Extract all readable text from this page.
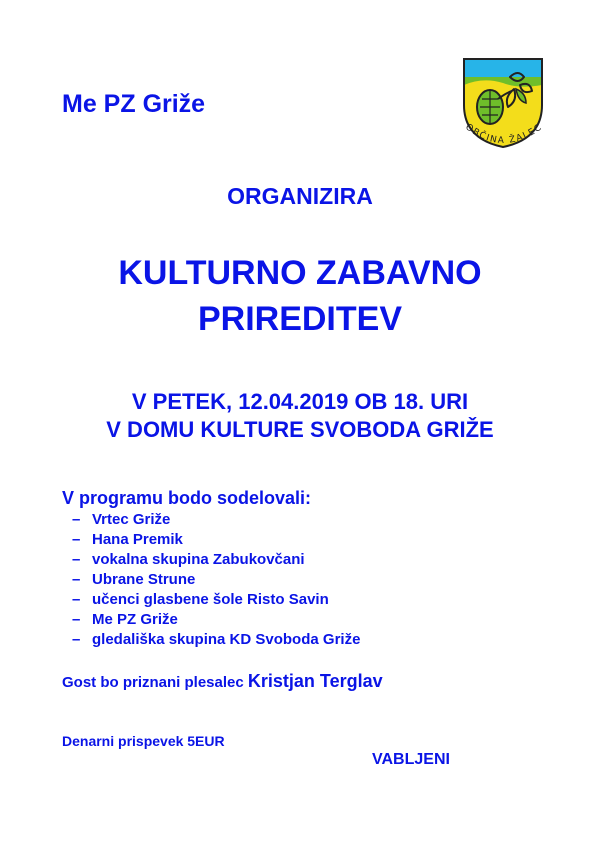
Me PZ Griže
OBČINA ŽALEC
ORGANIZIRA
KULTURNO ZABAVNO
PRIREDITEV
V PETEK, 12.04.2019 OB 18. URI
V DOMU KULTURE SVOBODA GRIŽE
V programu bodo sodelovali:
– Vrtec Griže
– Hana Premik
– vokalna skupina Zabukovčani
– Ubrane Strune
– učenci glasbene šole Risto Savin
– Me PZ Griže
– gledališka skupina KD Svoboda Griže
Gost bo priznani plesalec Kristjan Terglav
Denarni prispevek 5EUR
VABLJENI
